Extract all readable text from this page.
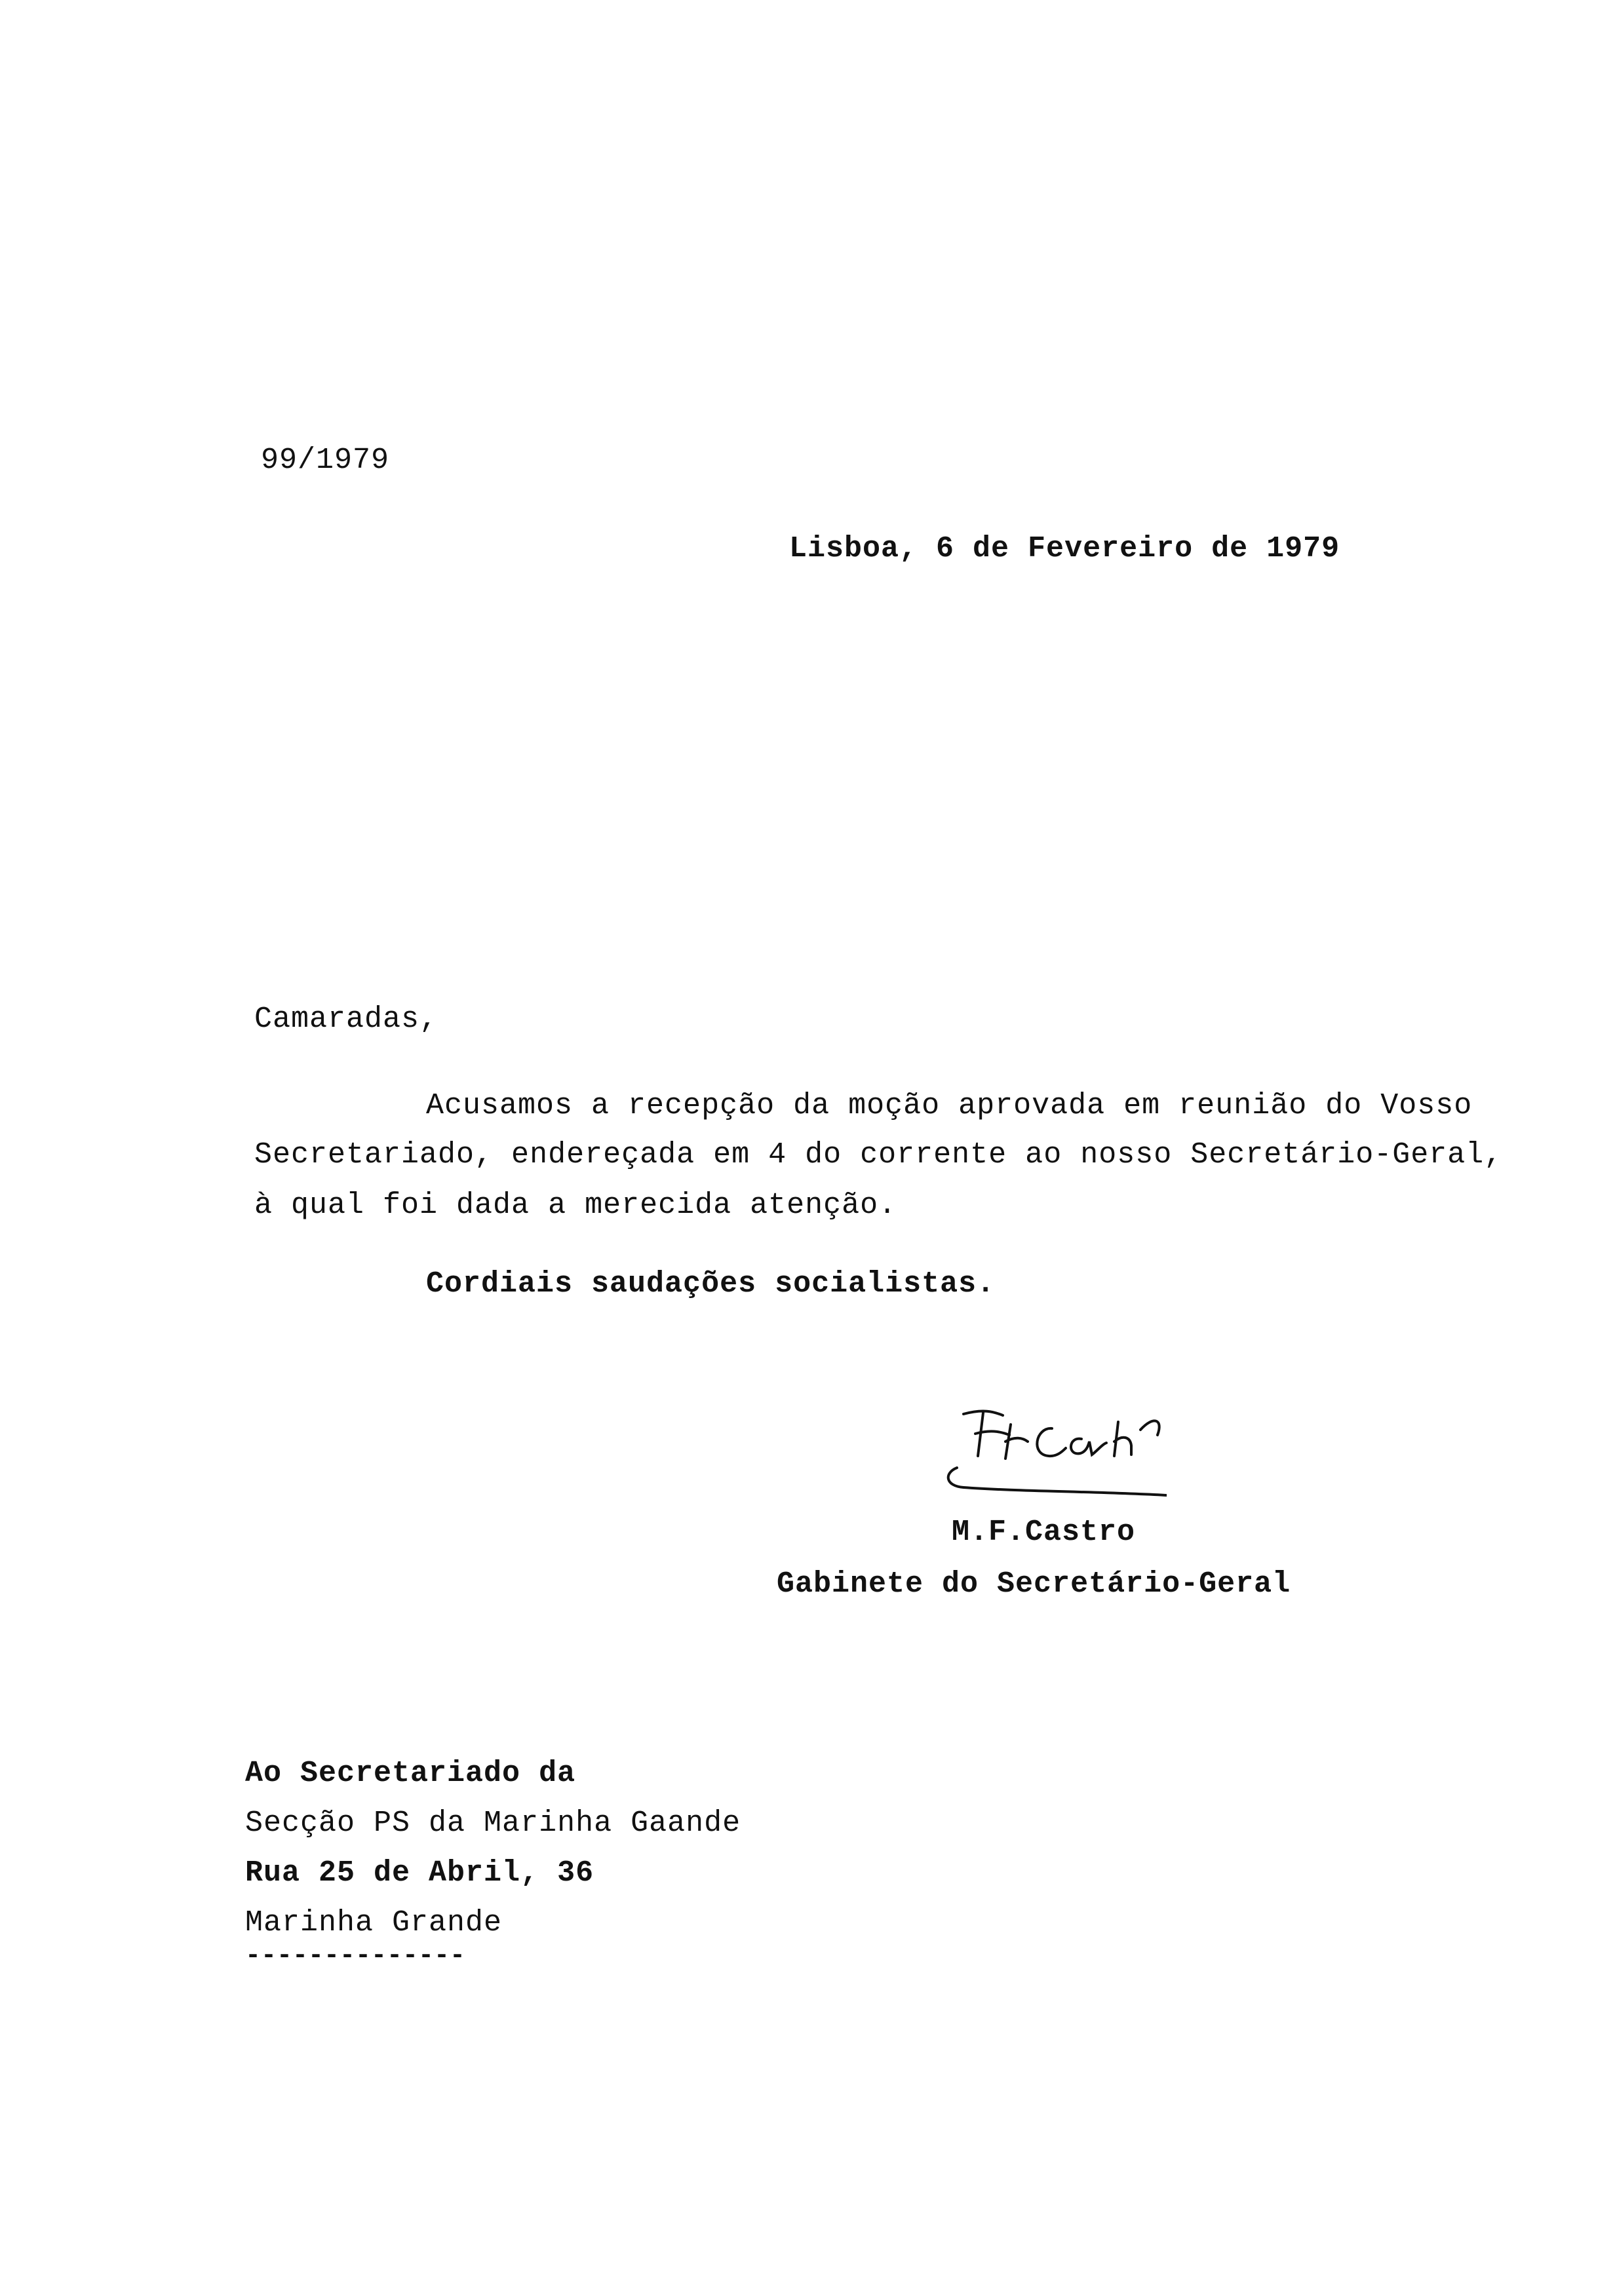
99/1979
Lisboa, 6 de Fevereiro de 1979
Camaradas,
Acusamos a recepção da moção aprovada em reunião do Vosso
Secretariado, endereçada em 4 do corrente ao nosso Secretário-Geral,
à qual foi dada a merecida atenção.
Cordiais saudações socialistas.
M.F.Castro
Gabinete do Secretário-Geral
Ao Secretariado da
Secção PS da Marinha Gaande
Rua 25 de Abril, 36
Marinha Grande
--------------
